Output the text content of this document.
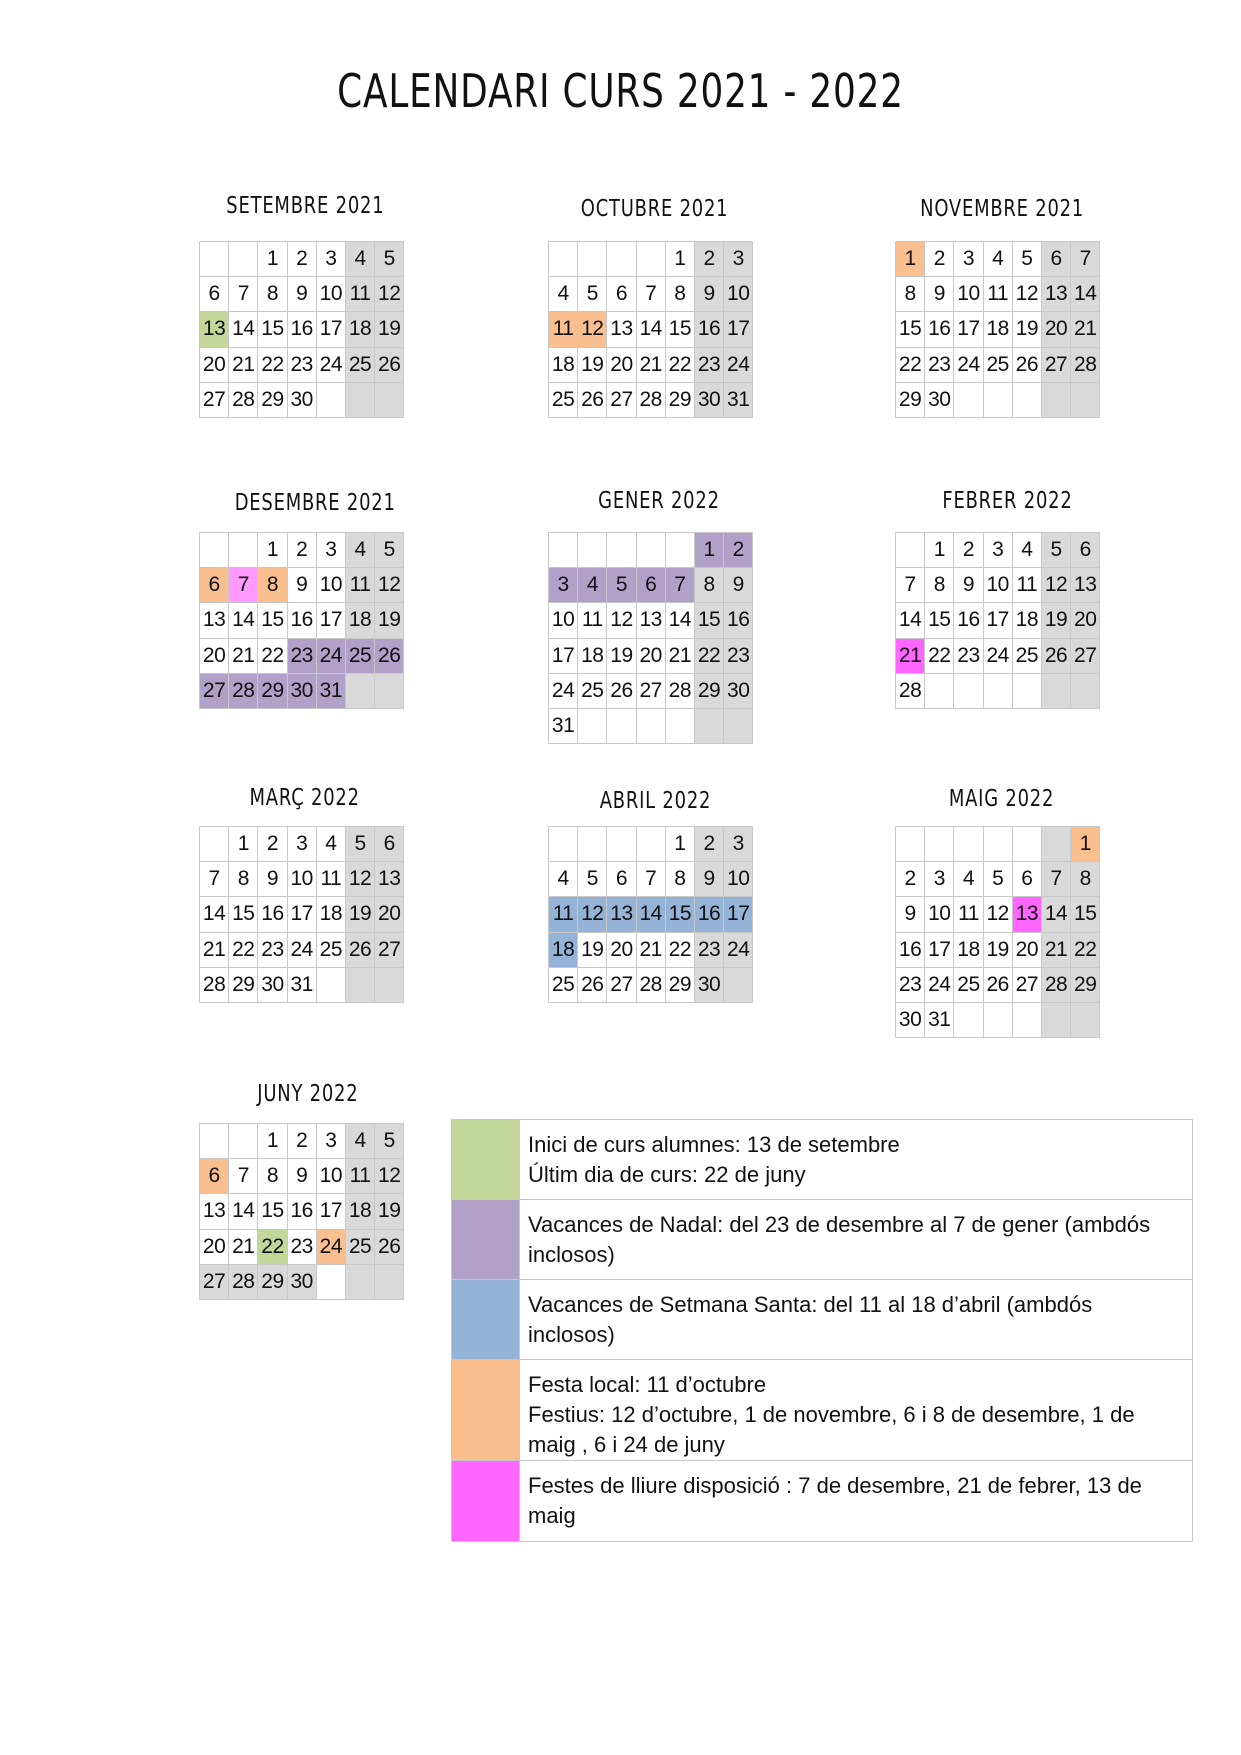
CALENDARI CURS 2021 - 2022
SETEMBRE 2021
		1	2	3	4	5
6	7	8	9	10	11	12
13	14	15	16	17	18	19
20	21	22	23	24	25	26
27	28	29	30			
OCTUBRE 2021
				1	2	3
4	5	6	7	8	9	10
11	12	13	14	15	16	17
18	19	20	21	22	23	24
25	26	27	28	29	30	31
NOVEMBRE 2021
1	2	3	4	5	6	7
8	9	10	11	12	13	14
15	16	17	18	19	20	21
22	23	24	25	26	27	28
29	30					
DESEMBRE 2021
		1	2	3	4	5
6	7	8	9	10	11	12
13	14	15	16	17	18	19
20	21	22	23	24	25	26
27	28	29	30	31		
GENER 2022
					1	2
3	4	5	6	7	8	9
10	11	12	13	14	15	16
17	18	19	20	21	22	23
24	25	26	27	28	29	30
31						
FEBRER 2022
	1	2	3	4	5	6
7	8	9	10	11	12	13
14	15	16	17	18	19	20
21	22	23	24	25	26	27
28						
MARÇ 2022
	1	2	3	4	5	6
7	8	9	10	11	12	13
14	15	16	17	18	19	20
21	22	23	24	25	26	27
28	29	30	31			
ABRIL 2022
				1	2	3
4	5	6	7	8	9	10
11	12	13	14	15	16	17
18	19	20	21	22	23	24
25	26	27	28	29	30	
MAIG 2022
						1
2	3	4	5	6	7	8
9	10	11	12	13	14	15
16	17	18	19	20	21	22
23	24	25	26	27	28	29
30	31					
JUNY 2022
		1	2	3	4	5
6	7	8	9	10	11	12
13	14	15	16	17	18	19
20	21	22	23	24	25	26
27	28	29	30			

	Inici de curs alumnes: 13 de setembre
Últim dia de curs: 22 de juny

	Vacances de Nadal: del 23 de desembre al 7 de gener (ambdós
inclosos)

	Vacances de Setmana Santa: del 11 al 18 d’abril (ambdós
inclosos)

	Festa local: 11 d’octubre
Festius: 12 d’octubre, 1 de novembre, 6 i 8 de desembre, 1 de
maig , 6 i 24 de juny

	Festes de lliure disposició : 7 de desembre, 21 de febrer, 13 de
maig
